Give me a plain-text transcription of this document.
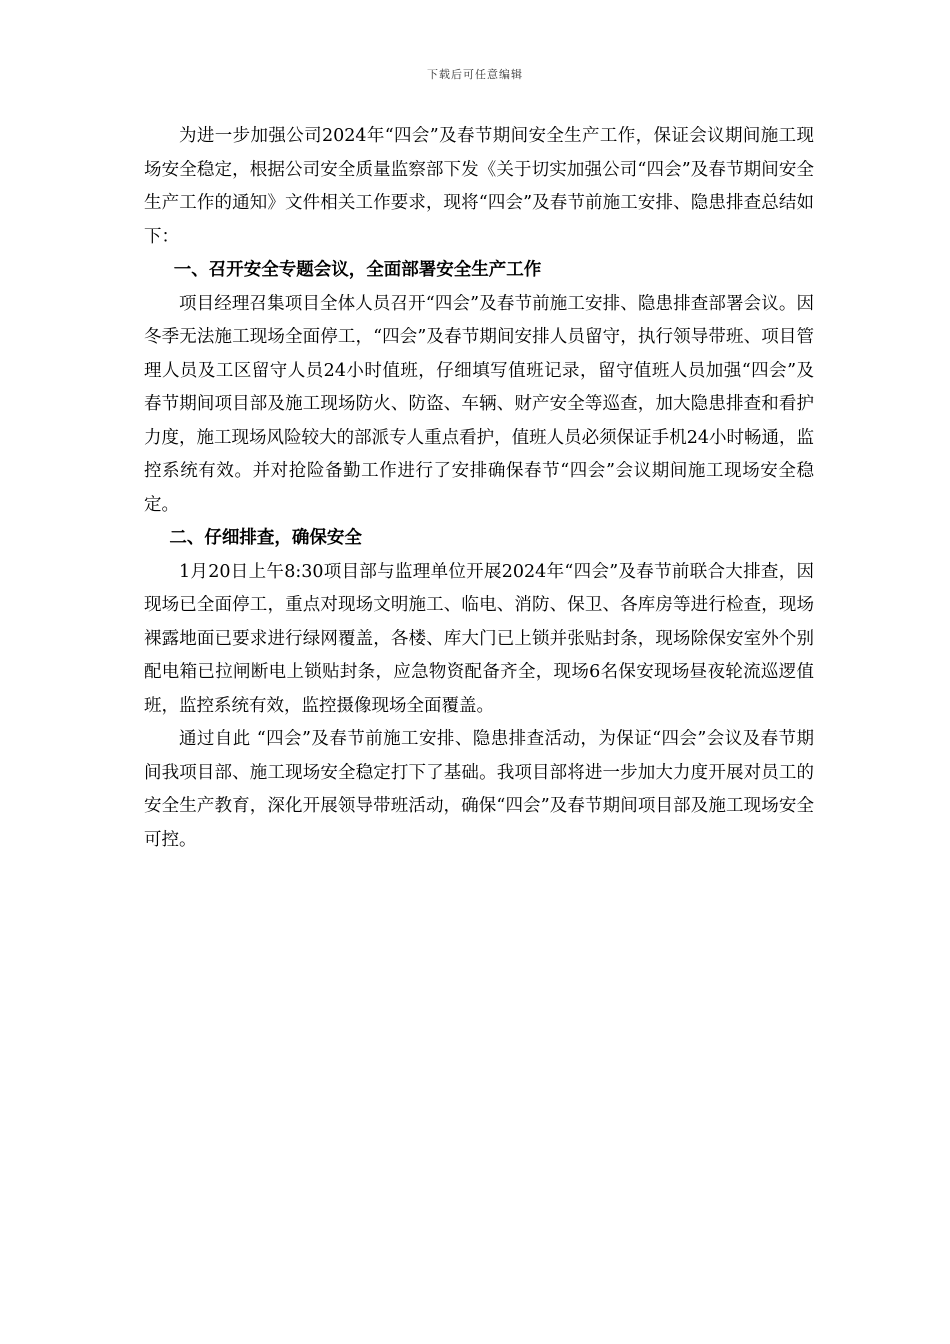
下载后可任意编辑

为进一步加强公司2024年“四会”及春节期间安全生产工作，保证会议期间施工现场安全稳定，根据公司安全质量监察部下发《关于切实加强公司“四会”及春节期间安全生产工作的通知》文件相关工作要求，现将“四会”及春节前施工安排、隐患排查总结如下：

一、召开安全专题会议，全面部署安全生产工作

项目经理召集项目全体人员召开“四会”及春节前施工安排、隐患排查部署会议。因冬季无法施工现场全面停工，“四会”及春节期间安排人员留守，执行领导带班、项目管理人员及工区留守人员24小时值班，仔细填写值班记录，留守值班人员加强“四会”及春节期间项目部及施工现场防火、防盗、车辆、财产安全等巡查，加大隐患排查和看护力度，施工现场风险较大的部派专人重点看护，值班人员必须保证手机24小时畅通，监控系统有效。并对抢险备勤工作进行了安排确保春节“四会”会议期间施工现场安全稳定。

二、仔细排查，确保安全

1月20日上午8:30项目部与监理单位开展2024年“四会”及春节前联合大排查，因现场已全面停工，重点对现场文明施工、临电、消防、保卫、各库房等进行检查，现场裸露地面已要求进行绿网覆盖，各楼、库大门已上锁并张贴封条，现场除保安室外个别配电箱已拉闸断电上锁贴封条，应急物资配备齐全，现场6名保安现场昼夜轮流巡逻值班，监控系统有效，监控摄像现场全面覆盖。

通过自此 “四会”及春节前施工安排、隐患排查活动，为保证“四会”会议及春节期间我项目部、施工现场安全稳定打下了基础。我项目部将进一步加大力度开展对员工的安全生产教育，深化开展领导带班活动，确保“四会”及春节期间项目部及施工现场安全可控。
